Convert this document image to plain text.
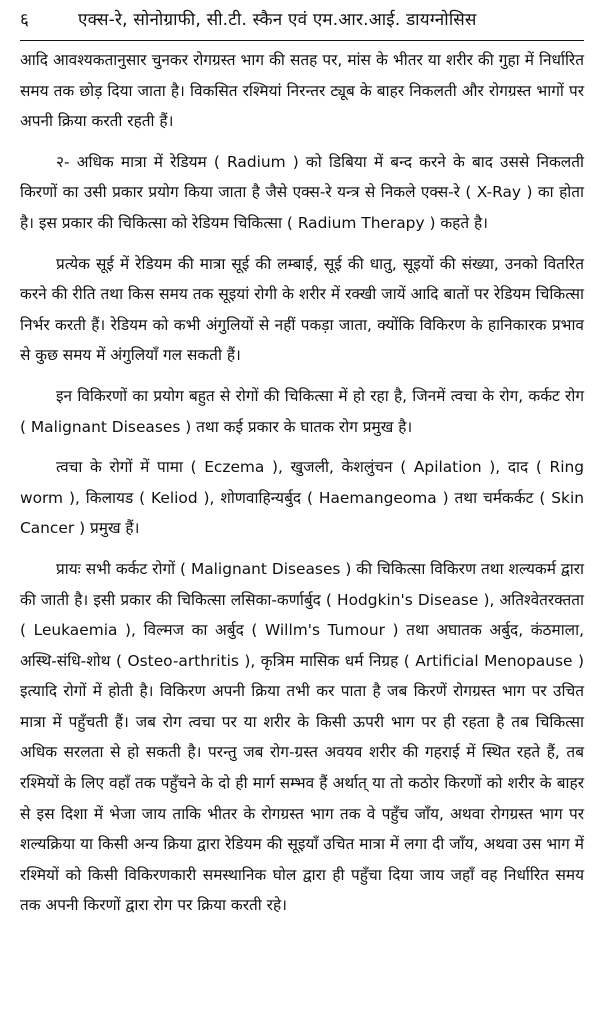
६	एक्स-रे, सोनोग्राफी, सी.टी. स्कैन एवं एम.आर.आई. डायग्नोसिस

आदि आवश्यकतानुसार चुनकर रोगग्रस्त भाग की सतह पर, मांस के भीतर या शरीर की गुहा में निर्धारित समय तक छोड़ दिया जाता है। विकसित रश्मियां निरन्तर ट्यूब के बाहर निकलती और रोगग्रस्त भागों पर अपनी क्रिया करती रहती हैं।

२- अधिक मात्रा में रेडियम ( Radium ) को डिबिया में बन्द करने के बाद उससे निकलती किरणों का उसी प्रकार प्रयोग किया जाता है जैसे एक्स-रे यन्त्र से निकले एक्स-रे ( X-Ray ) का होता है। इस प्रकार की चिकित्सा को रेडियम चिकित्सा ( Radium Therapy ) कहते है।

प्रत्येक सूई में रेडियम की मात्रा सूई की लम्बाई, सूई की धातु, सूइयों की संख्या, उनको वितरित करने की रीति तथा किस समय तक सूइयां रोगी के शरीर में रक्खी जायें आदि बातों पर रेडियम चिकित्सा निर्भर करती हैं। रेडियम को कभी अंगुलियों से नहीं पकड़ा जाता, क्योंकि विकिरण के हानिकारक प्रभाव से कुछ समय में अंगुलियाँ गल सकती हैं।

इन विकिरणों का प्रयोग बहुत से रोगों की चिकित्सा में हो रहा है, जिनमें त्वचा के रोग, कर्कट रोग ( Malignant Diseases ) तथा कई प्रकार के घातक रोग प्रमुख है।

त्वचा के रोगों में पामा ( Eczema ), खुजली, केशलुंचन ( Apilation ), दाद ( Ring worm ), किलायड ( Keliod ), शोणवाहिन्यर्बुद ( Haemangeoma ) तथा चर्मकर्कट ( Skin Cancer ) प्रमुख हैं।

प्रायः सभी कर्कट रोगों ( Malignant Diseases ) की चिकित्सा विकिरण तथा शल्यकर्म द्वारा की जाती है। इसी प्रकार की चिकित्सा लसिका-कर्णार्बुद ( Hodgkin's Disease ), अतिश्वेतरक्तता ( Leukaemia ), विल्मज का अर्बुद ( Willm's Tumour ) तथा अघातक अर्बुद, कंठमाला, अस्थि-संधि-शोथ ( Osteo-arthritis ), कृत्रिम मासिक धर्म निग्रह ( Artificial Menopause ) इत्यादि रोगों में होती है। विकिरण अपनी क्रिया तभी कर पाता है जब किरणें रोगग्रस्त भाग पर उचित मात्रा में पहुँचती हैं। जब रोग त्वचा पर या शरीर के किसी ऊपरी भाग पर ही रहता है तब चिकित्सा अधिक सरलता से हो सकती है। परन्तु जब रोग-ग्रस्त अवयव शरीर की गहराई में स्थित रहते हैं, तब रश्मियों के लिए वहाँ तक पहुँचने के दो ही मार्ग सम्भव हैं अर्थात् या तो कठोर किरणों को शरीर के बाहर से इस दिशा में भेजा जाय ताकि भीतर के रोगग्रस्त भाग तक वे पहुँच जाँय, अथवा रोगग्रस्त भाग पर शल्यक्रिया या किसी अन्य क्रिया द्वारा रेडियम की सूइयाँ उचित मात्रा में लगा दी जाँय, अथवा उस भाग में रश्मियों को किसी विकिरणकारी समस्थानिक घोल द्वारा ही पहुँचा दिया जाय जहाँ वह निर्धारित समय तक अपनी किरणों द्वारा रोग पर क्रिया करती रहे।
